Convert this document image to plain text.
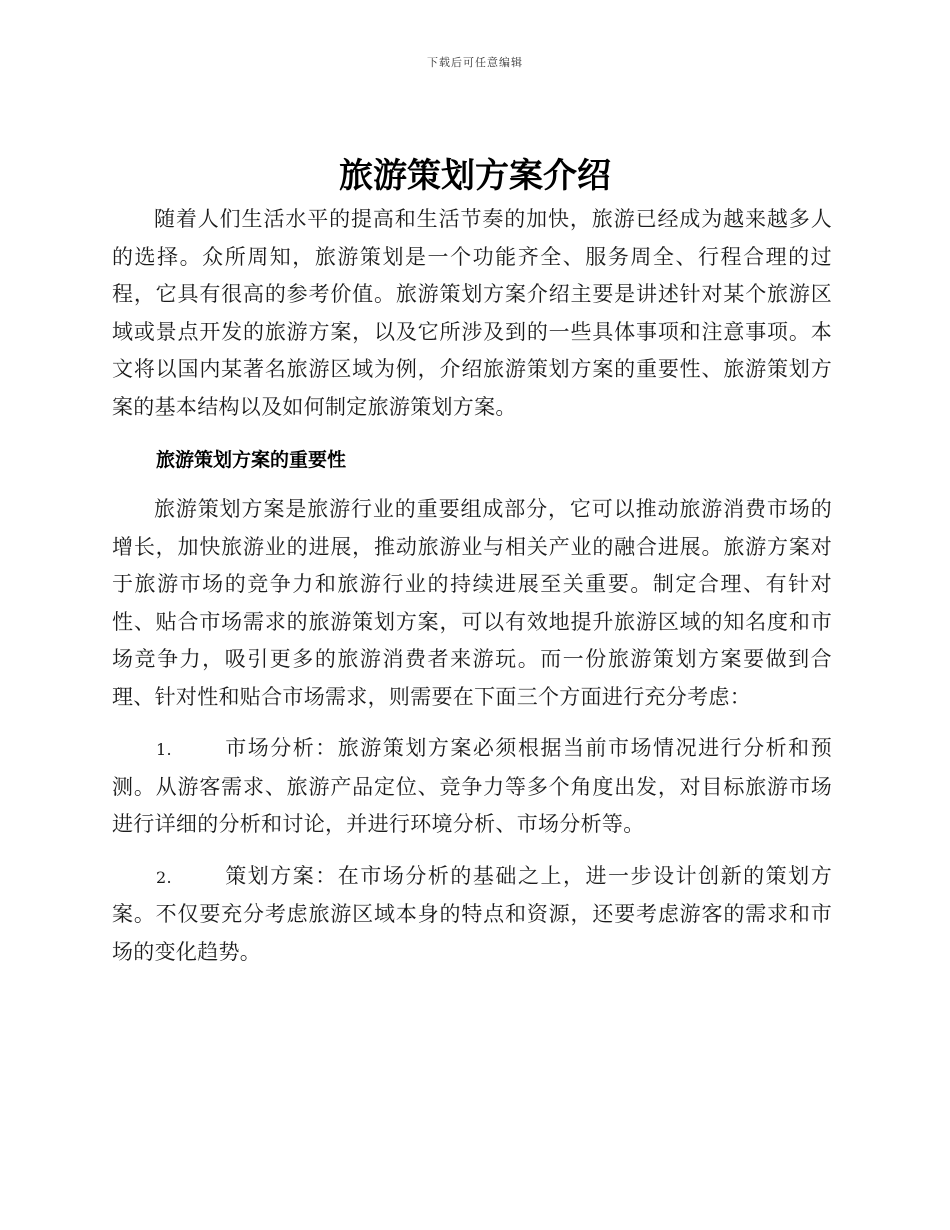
下载后可任意编辑
旅游策划方案介绍

随着人们生活水平的提高和生活节奏的加快，旅游已经成为越来越多人的选择。众所周知，旅游策划是一个功能齐全、服务周全、行程合理的过程，它具有很高的参考价值。旅游策划方案介绍主要是讲述针对某个旅游区域或景点开发的旅游方案，以及它所涉及到的一些具体事项和注意事项。本文将以国内某著名旅游区域为例，介绍旅游策划方案的重要性、旅游策划方案的基本结构以及如何制定旅游策划方案。

旅游策划方案的重要性

旅游策划方案是旅游行业的重要组成部分，它可以推动旅游消费市场的增长，加快旅游业的进展，推动旅游业与相关产业的融合进展。旅游方案对于旅游市场的竞争力和旅游行业的持续进展至关重要。制定合理、有针对性、贴合市场需求的旅游策划方案，可以有效地提升旅游区域的知名度和市场竞争力，吸引更多的旅游消费者来游玩。而一份旅游策划方案要做到合理、针对性和贴合市场需求，则需要在下面三个方面进行充分考虑：

1. 市场分析：旅游策划方案必须根据当前市场情况进行分析和预测。从游客需求、旅游产品定位、竞争力等多个角度出发，对目标旅游市场进行详细的分析和讨论，并进行环境分析、市场分析等。

2. 策划方案：在市场分析的基础之上，进一步设计创新的策划方案。不仅要充分考虑旅游区域本身的特点和资源，还要考虑游客的需求和市场的变化趋势。
